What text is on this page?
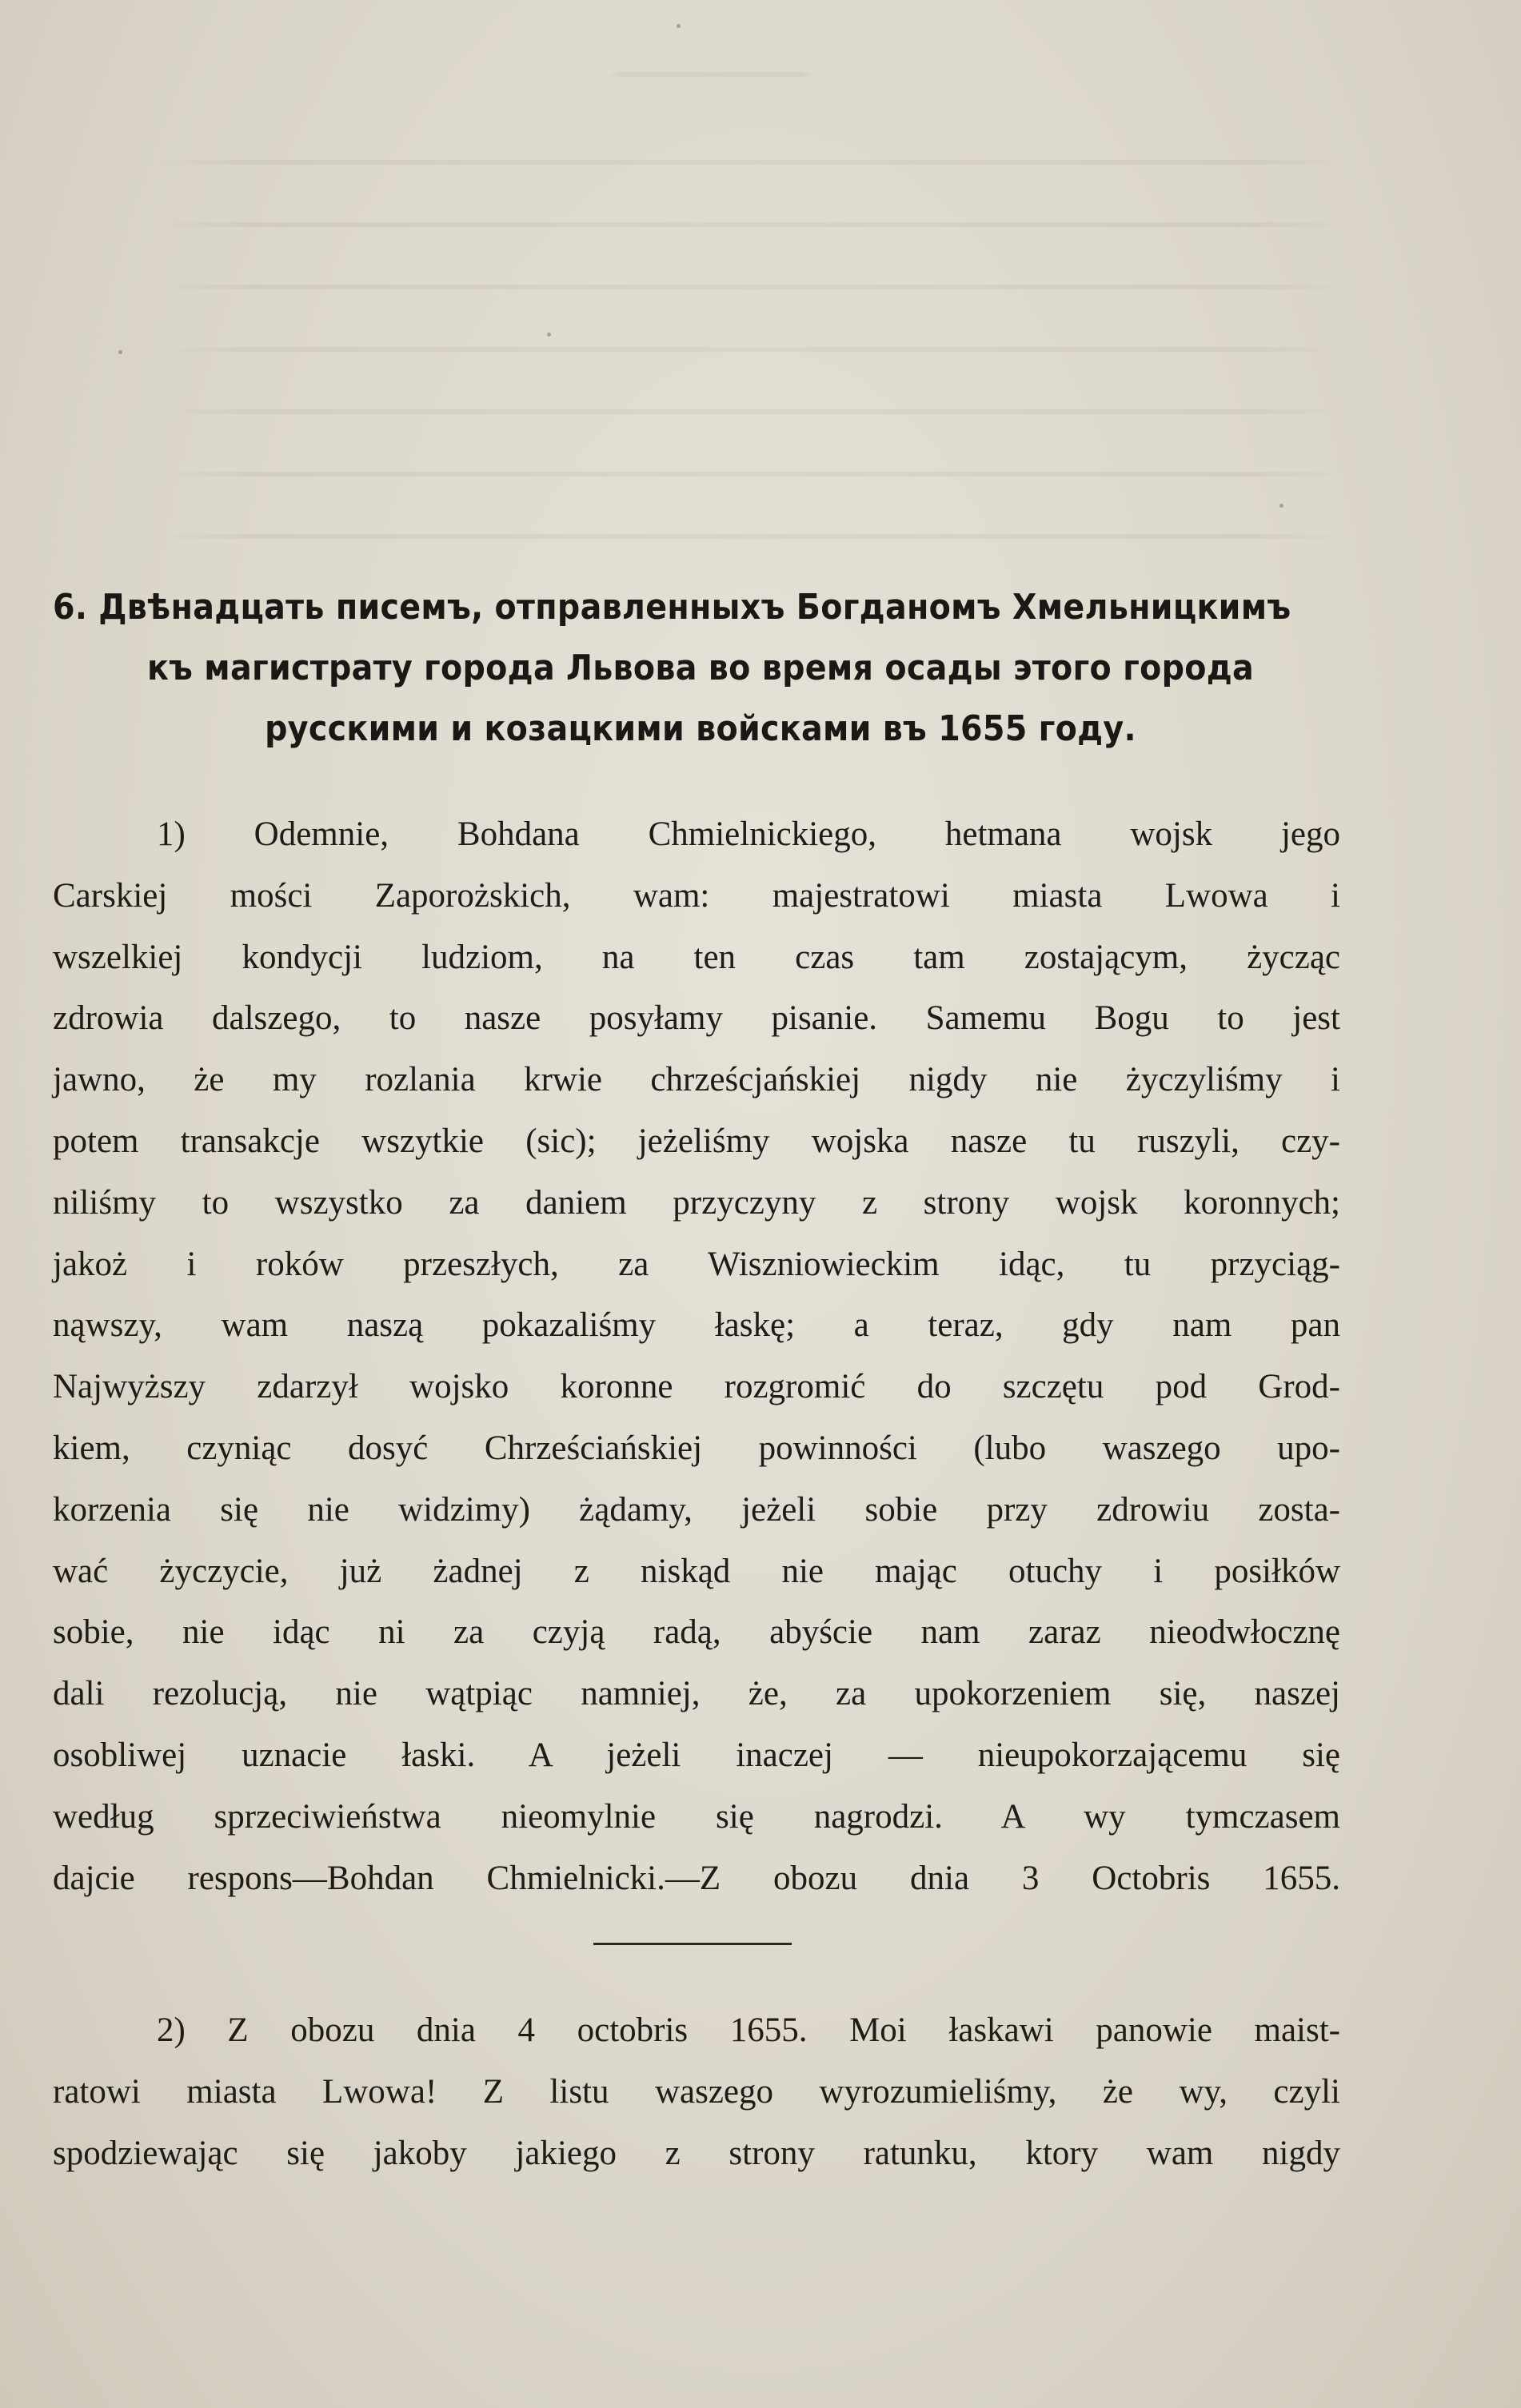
6. Двѣнадцать писемъ, отправленныхъ Богданомъ Хмельницкимъ
къ магистрату города Львова во время осады этого города
русскими и козацкими войсками въ 1655 году.
1) Odemnie, Bohdana Chmielnickiego, hetmana wojsk jego
Carskiej mości Zaporożskich, wam: majestratowi miasta Lwowa i
wszelkiej kondycji ludziom, na ten czas tam zostającym, życząc
zdrowia dalszego, to nasze posyłamy pisanie. Samemu Bogu to jest
jawno, że my rozlania krwie chrześcjańskiej nigdy nie życzyliśmy i
potem transakcje wszytkie (sic); jeżeliśmy wojska nasze tu ruszyli, czy-
niliśmy to wszystko za daniem przyczyny z strony wojsk koronnych;
jakoż i roków przeszłych, za Wiszniowieckim idąc, tu przyciąg-
nąwszy, wam naszą pokazaliśmy łaskę; a teraz, gdy nam pan
Najwyższy zdarzył wojsko koronne rozgromić do szczętu pod Grod-
kiem, czyniąc dosyć Chrześciańskiej powinności (lubo waszego upo-
korzenia się nie widzimy) żądamy, jeżeli sobie przy zdrowiu zosta-
wać życzycie, już żadnej z niskąd nie mając otuchy i posiłków
sobie, nie idąc ni za czyją radą, abyście nam zaraz nieodwłocznę
dali rezolucją, nie wątpiąc namniej, że, za upokorzeniem się, naszej
osobliwej uznacie łaski. A jeżeli inaczej — nieupokorzającemu się
według sprzeciwieństwa nieomylnie się nagrodzi. A wy tymczasem
dajcie respons—Bohdan Chmielnicki.—Z obozu dnia 3 Octobris 1655.
2) Z obozu dnia 4 octobris 1655. Moi łaskawi panowie maist-
ratowi miasta Lwowa! Z listu waszego wyrozumieliśmy, że wy, czyli
spodziewając się jakoby jakiego z strony ratunku, ktory wam nigdy
